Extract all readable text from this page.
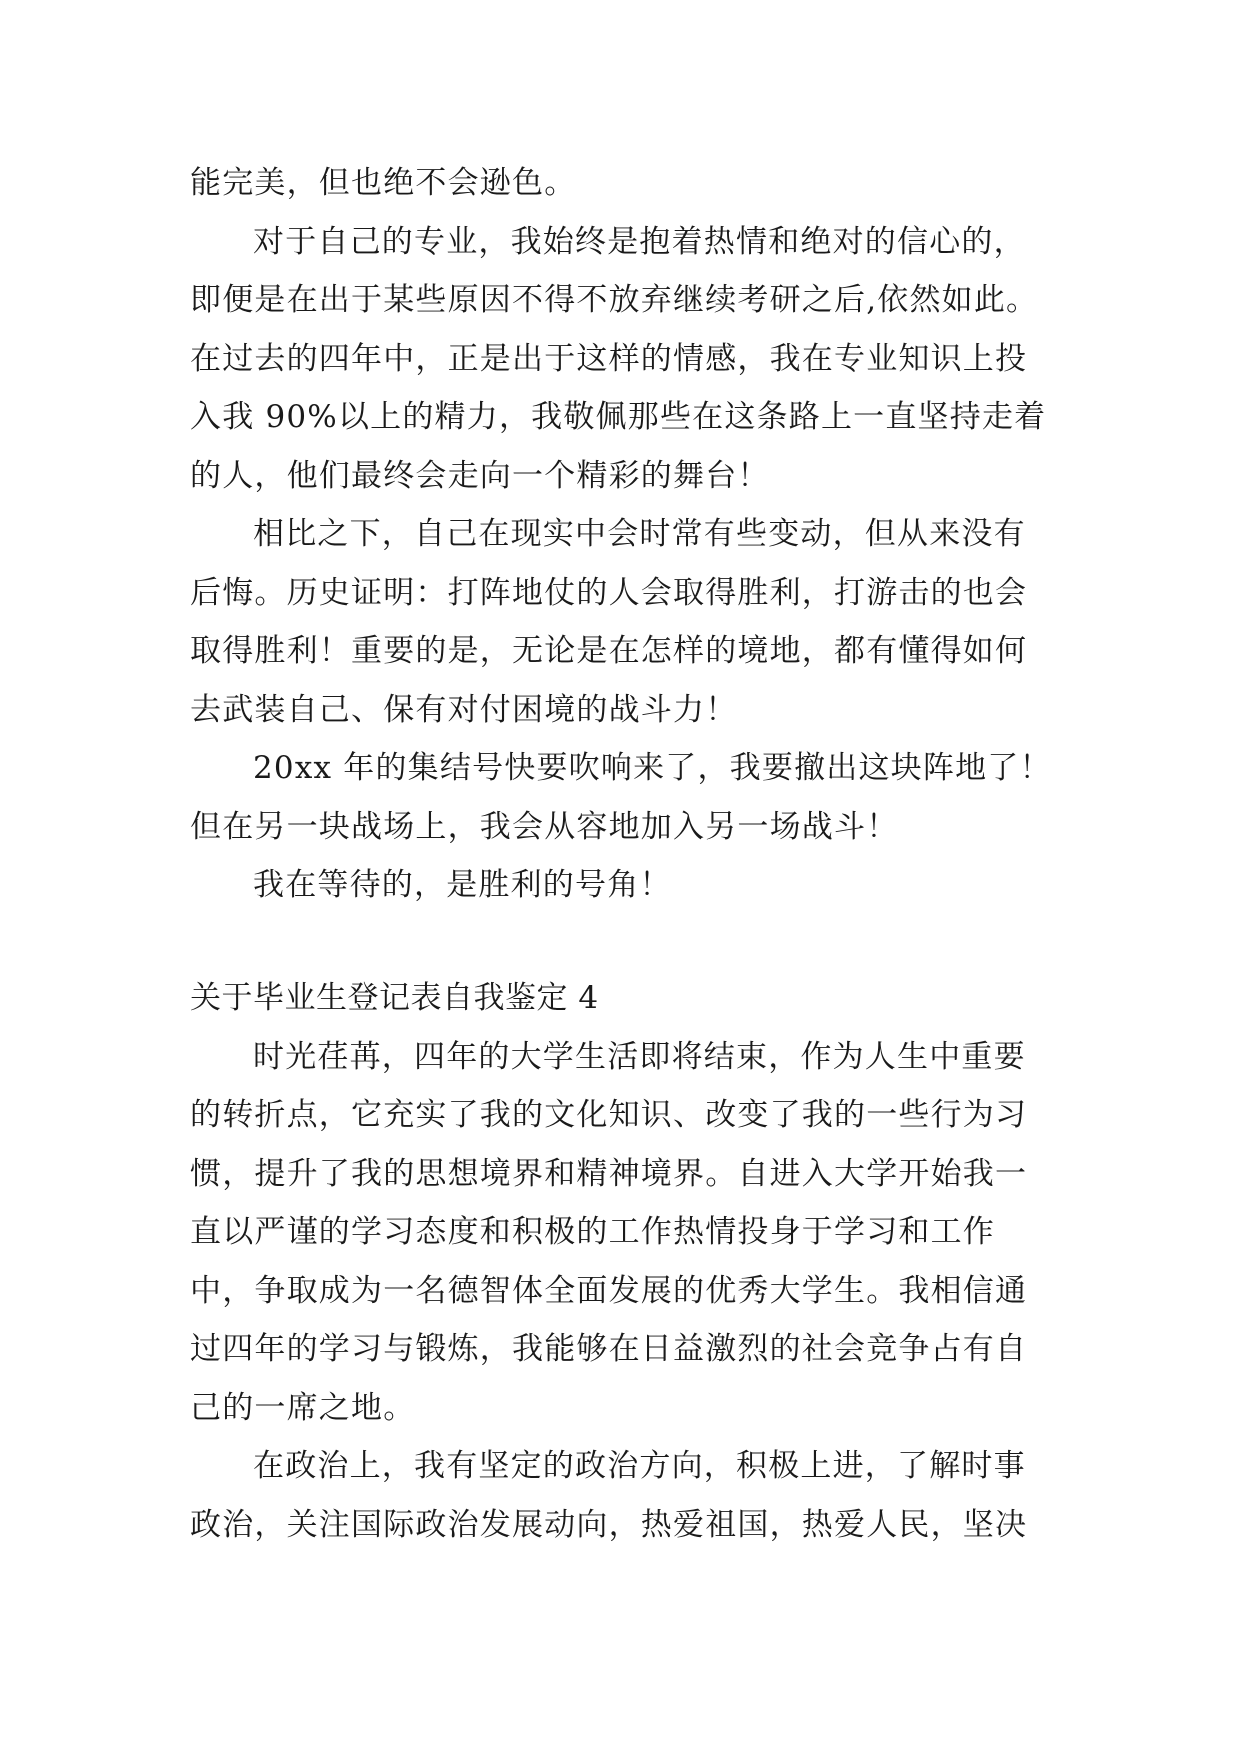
能完美，但也绝不会逊色。
对于自己的专业，我始终是抱着热情和绝对的信心的，
即便是在出于某些原因不得不放弃继续考研之后,依然如此。
在过去的四年中，正是出于这样的情感，我在专业知识上投
入我 90%以上的精力，我敬佩那些在这条路上一直坚持走着
的人，他们最终会走向一个精彩的舞台！
相比之下，自己在现实中会时常有些变动，但从来没有
后悔。历史证明：打阵地仗的人会取得胜利，打游击的也会
取得胜利！重要的是，无论是在怎样的境地，都有懂得如何
去武装自己、保有对付困境的战斗力！
20xx 年的集结号快要吹响来了，我要撤出这块阵地了！
但在另一块战场上，我会从容地加入另一场战斗！
我在等待的，是胜利的号角！
关于毕业生登记表自我鉴定 4
时光荏苒，四年的大学生活即将结束，作为人生中重要
的转折点，它充实了我的文化知识、改变了我的一些行为习
惯，提升了我的思想境界和精神境界。自进入大学开始我一
直以严谨的学习态度和积极的工作热情投身于学习和工作
中，争取成为一名德智体全面发展的优秀大学生。我相信通
过四年的学习与锻炼，我能够在日益激烈的社会竞争占有自
己的一席之地。
在政治上，我有坚定的政治方向，积极上进，了解时事
政治，关注国际政治发展动向，热爱祖国，热爱人民，坚决
